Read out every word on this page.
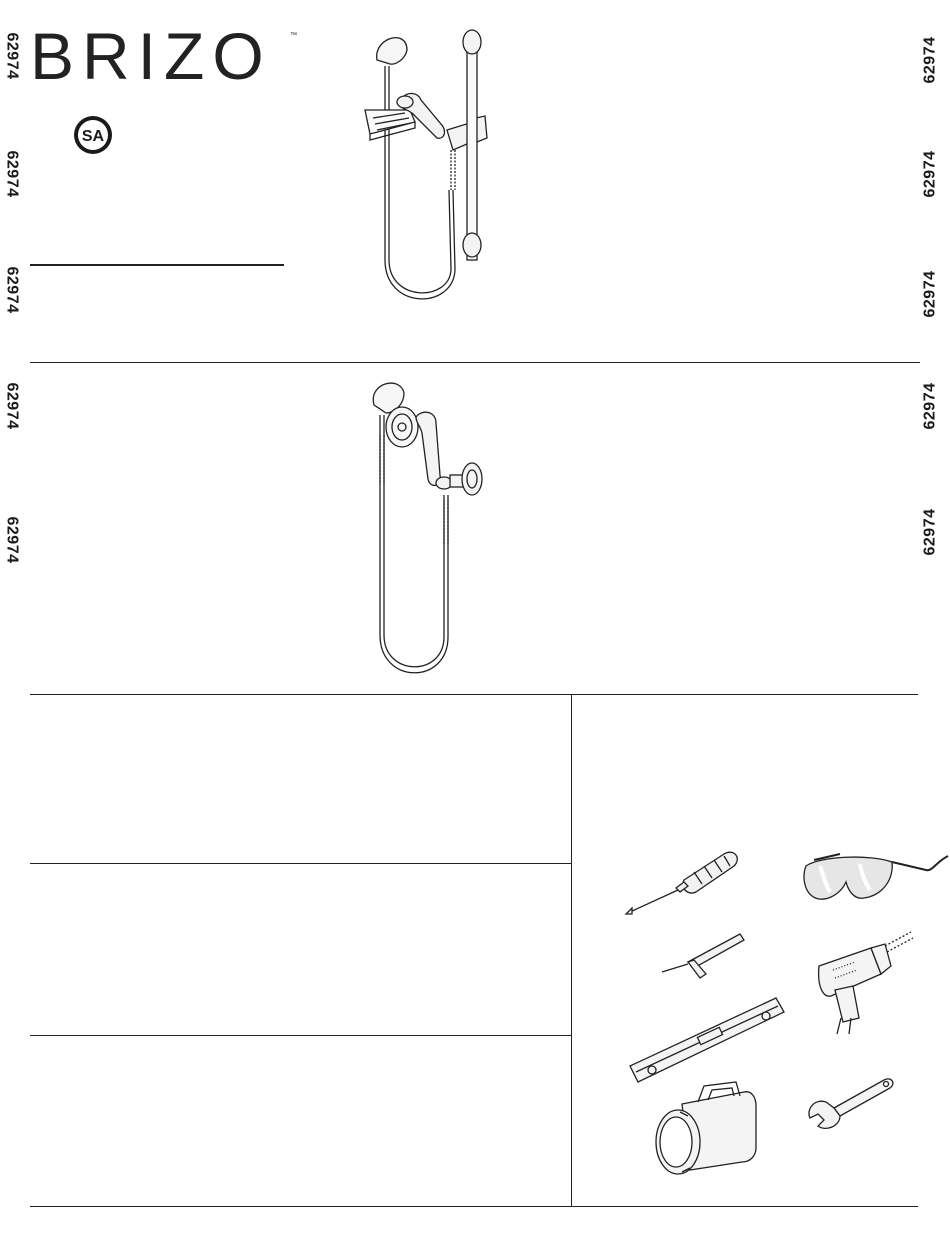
BRIZO	™
SA
62974
62974
62974
62974
62974
62974
62974
62974
62974
62974
